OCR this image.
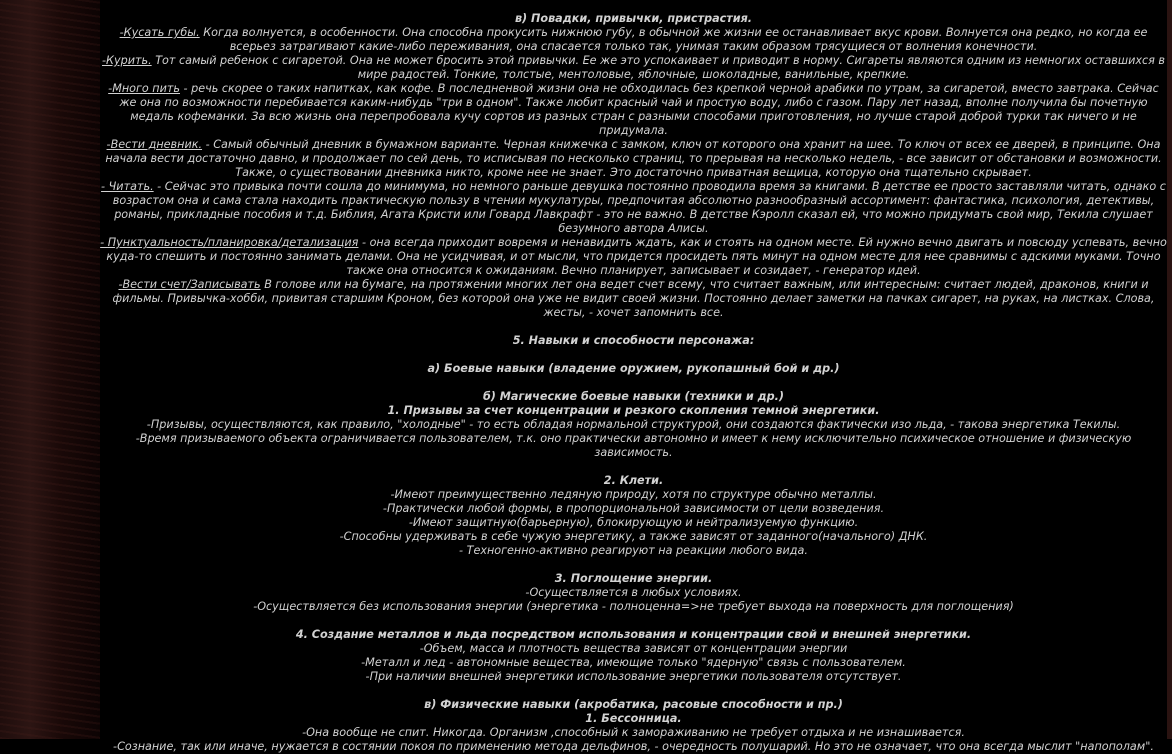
в) Повадки, привычки, пристрастия.

-Кусать губы. Когда волнуется, в особенности. Она способна прокусить нижнюю губу, в обычной же жизни ее останавливает вкус крови. Волнуется она редко, но когда ее всерьез затрагивают какие-либо переживания, она спасается только так, унимая таким образом трясущиеся от волнения конечности.

-Курить. Тот самый ребенок с сигаретой. Она не может бросить этой привычки. Ее же это успокаивает и приводит в норму. Сигареты являются одним из немногих оставшихся в мире радостей. Тонкие, толстые, ментоловые, яблочные, шоколадные, ванильные, крепкие.

-Много пить - речь скорее о таких напитках, как кофе. В последненвой жизни она не обходилась без крепкой черной арабики по утрам, за сигаретой, вместо завтрака. Сейчас же она по возможности перебивается каким-нибудь "три в одном". Также любит красный чай и простую воду, либо с газом. Пару лет назад, вполне получила бы почетную медаль кофеманки. За всю жизнь она перепробовала кучу сортов из разных стран с разными способами приготовления, но лучше старой доброй турки так ничего и не придумала.

-Вести дневник. - Самый обычный дневник в бумажном варианте. Черная книжечка с замком, ключ от которого она хранит на шее. То ключ от всех ее дверей, в принципе. Она начала вести достаточно давно, и продолжает по сей день, то исписывая по несколько страниц, то прерывая на несколько недель, - все зависит от обстановки и возможности. Также, о существовании дневника никто, кроме нее не знает. Это достаточно приватная вещица, которую она тщательно скрывает.

- Читать. - Сейчас это привыка почти сошла до минимума, но немного раньше девушка постоянно проводила время за книгами. В детстве ее просто заставляли читать, однако с возрастом она и сама стала находить практическую пользу в чтении мукулатуры, предпочитая абсолютно разнообразный ассортимент: фантастика, психология, детективы, романы, прикладные пособия и т.д. Библия, Агата Кристи или Говард Лавкрафт - это не важно. В детстве Кэролл сказал ей, что можно придумать свой мир, Текила слушает безумного автора Алисы.

- Пунктуальность/планировка/детализация - она всегда приходит вовремя и ненавидить ждать, как и стоять на одном месте. Ей нужно вечно двигать и повсюду успевать, вечно куда-то спешить и постоянно занимать делами. Она не усидчивая, и от мысли, что придется просидеть пять минут на одном месте для нее сравнимы с адскими муками. Точно также она относится к ожиданиям. Вечно планирует, записывает и созидает, - генератор идей.

-Вести счет/Записывать В голове или на бумаге, на протяжении многих лет она ведет счет всему, что считает важным, или интересным: считает людей, драконов, книги и фильмы. Привычка-хобби, привитая старшим Кроном, без которой она уже не видит своей жизни. Постоянно делает заметки на пачках сигарет, на руках, на листках. Слова, жесты, - хочет запомнить все.

5. Навыки и способности персонажа:

а) Боевые навыки (владение оружием, рукопашный бой и др.)

б) Магические боевые навыки (техники и др.)

1. Призывы за счет концентрации и резкого скопления темной энергетики.

-Призывы, осуществляются, как правило, "холодные" - то есть обладая нормальной структурой, они создаются фактически изо льда, - такова энергетика Текилы.

-Время призываемого объекта ограничивается пользователем, т.к. оно практически автономно и имеет к нему исключительно психическое отношение и физическую зависимость.

2. Клети.

-Имеют преимущественно ледяную природу, хотя по структуре обычно металлы.

-Практически любой формы, в пропорциональной зависимости от цели возведения.

-Имеют защитную(барьерную), блокирующую и нейтрализуемую функцию.

-Способны удерживать в себе чужую энергетику, а также зависят от заданного(начального) ДНК.

- Техногенно-активно реагируют на реакции любого вида.

3. Поглощение энергии.

-Осуществляется в любых условиях.

-Осуществляется без использования энергии (энергетика - полноценна=>не требует выхода на поверхность для поглощения)

4. Создание металлов и льда посредством использования и концентрации свой и внешней энергетики.

-Объем, масса и плотность вещества зависят от концентрации энергии

-Металл и лед - автономные вещества, имеющие только "ядерную" связь с пользователем.

-При наличии внешней энергетики использование энергетики пользователя отсутствует.

в) Физические навыки (акробатика, расовые способности и пр.)

1. Бессонница.

-Она вообще не спит. Никогда. Организм ,способный к замораживанию не требует отдыха и не изнашивается.

-Сознание, так или иначе, нужается в состянии покоя по применению метода дельфинов, - очередность полушарий. Но это не означает, что она всегда мыслит "напополам".
